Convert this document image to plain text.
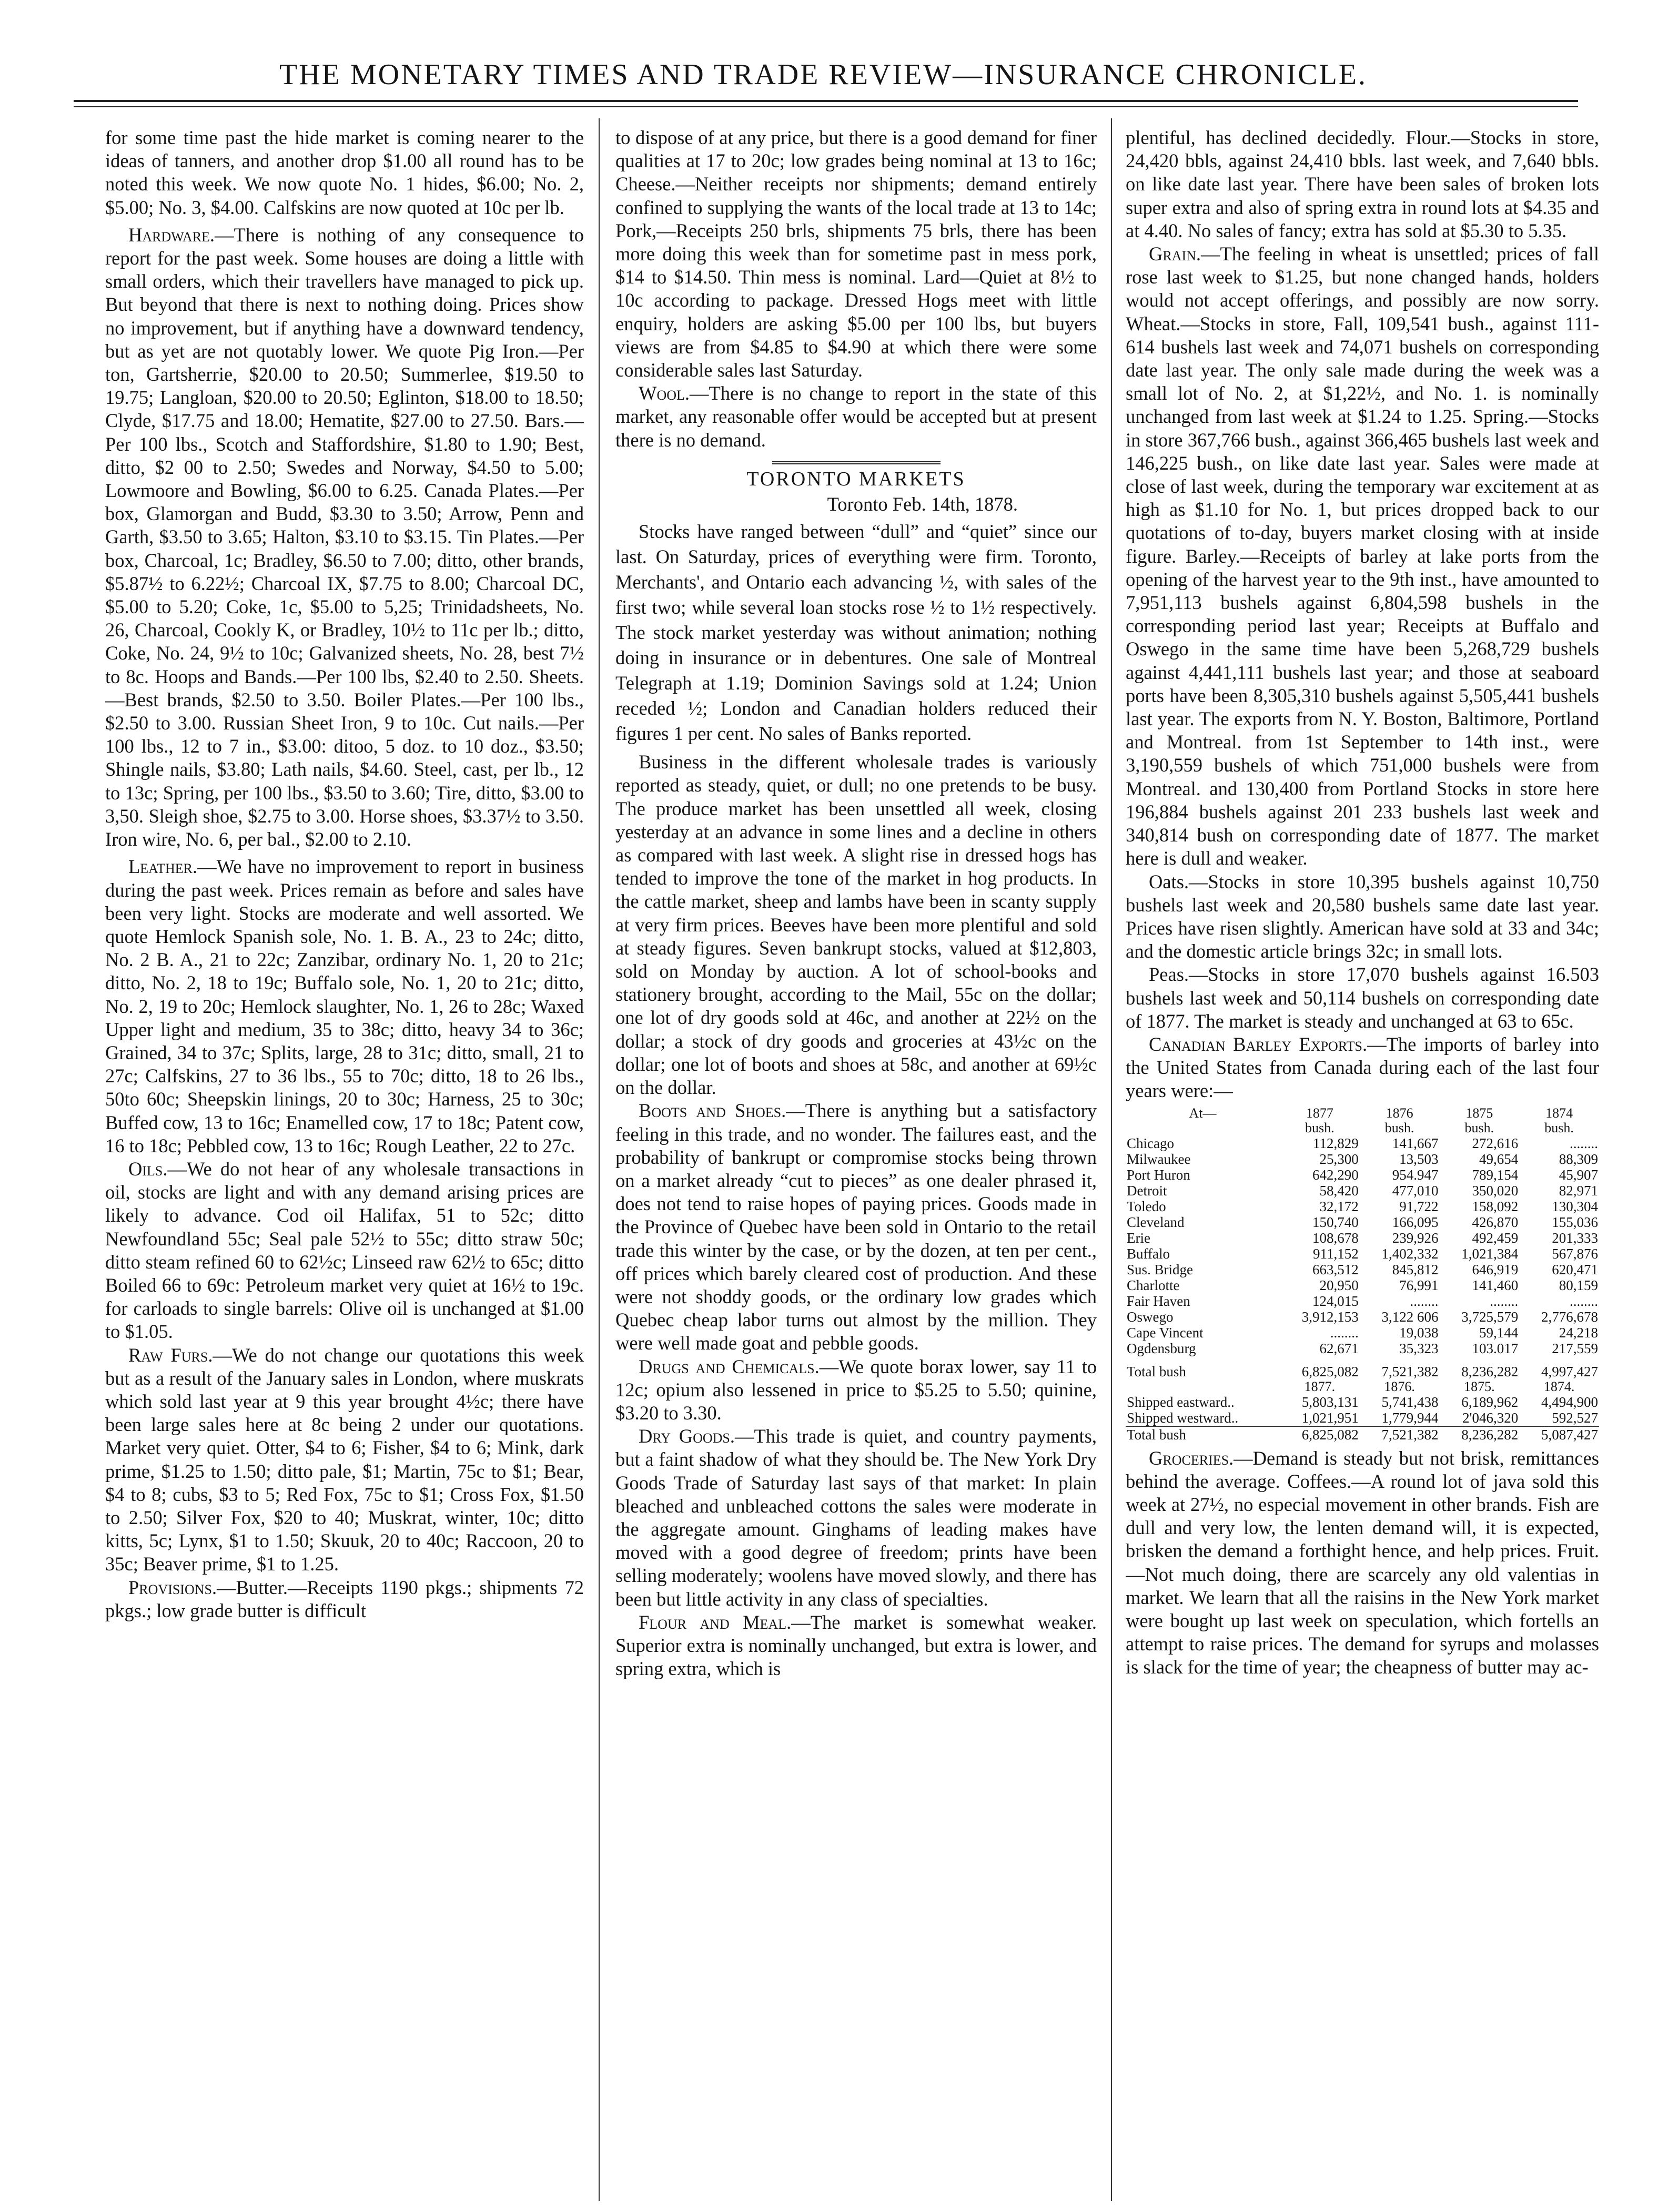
THE MONETARY TIMES AND TRADE REVIEW—INSURANCE CHRONICLE.

for some time past the hide market is coming nearer to the ideas of tanners, and another drop $1.00 all round has to be noted this week. We now quote No. 1 hides, $6.00; No. 2, $5.00; No. 3, $4.00. Calfskins are now quoted at 10c per lb.

Hardware.—There is nothing of any consequence to report for the past week. Some houses are doing a little with small orders, which their travellers have managed to pick up. But beyond that there is next to nothing doing. Prices show no improvement, but if anything have a downward tendency, but as yet are not quotably lower. We quote Pig Iron.—Per ton, Gartsherrie, $20.00 to 20.50; Summerlee, $19.50 to 19.75; Langloan, $20.00 to 20.50; Eglinton, $18.00 to 18.50; Clyde, $17.75 and 18.00; Hematite, $27.00 to 27.50. Bars.—Per 100 lbs., Scotch and Staffordshire, $1.80 to 1.90; Best, ditto, $2 00 to 2.50; Swedes and Norway, $4.50 to 5.00; Lowmoore and Bowling, $6.00 to 6.25. Canada Plates.—Per box, Glamorgan and Budd, $3.30 to 3.50; Arrow, Penn and Garth, $3.50 to 3.65; Halton, $3.10 to $3.15. Tin Plates.—Per box, Charcoal, 1c; Bradley, $6.50 to 7.00; ditto, other brands, $5.87½ to 6.22½; Charcoal IX, $7.75 to 8.00; Charcoal DC, $5.00 to 5.20; Coke, 1c, $5.00 to 5,25; Trinidadsheets, No. 26, Charcoal, Cookly K, or Bradley, 10½ to 11c per lb.; ditto, Coke, No. 24, 9½ to 10c; Galvanized sheets, No. 28, best 7½ to 8c. Hoops and Bands.—Per 100 lbs, $2.40 to 2.50. Sheets.—Best brands, $2.50 to 3.50. Boiler Plates.—Per 100 lbs., $2.50 to 3.00. Russian Sheet Iron, 9 to 10c. Cut nails.—Per 100 lbs., 12 to 7 in., $3.00: ditoo, 5 doz. to 10 doz., $3.50; Shingle nails, $3.80; Lath nails, $4.60. Steel, cast, per lb., 12 to 13c; Spring, per 100 lbs., $3.50 to 3.60; Tire, ditto, $3.00 to 3,50. Sleigh shoe, $2.75 to 3.00. Horse shoes, $3.37½ to 3.50. Iron wire, No. 6, per bal., $2.00 to 2.10.

Leather.—We have no improvement to report in business during the past week. Prices remain as before and sales have been very light. Stocks are moderate and well assorted. We quote Hemlock Spanish sole, No. 1. B. A., 23 to 24c; ditto, No. 2 B. A., 21 to 22c; Zanzibar, ordinary No. 1, 20 to 21c; ditto, No. 2, 18 to 19c; Buffalo sole, No. 1, 20 to 21c; ditto, No. 2, 19 to 20c; Hemlock slaughter, No. 1, 26 to 28c; Waxed Upper light and medium, 35 to 38c; ditto, heavy 34 to 36c; Grained, 34 to 37c; Splits, large, 28 to 31c; ditto, small, 21 to 27c; Calfskins, 27 to 36 lbs., 55 to 70c; ditto, 18 to 26 lbs., 50to 60c; Sheepskin linings, 20 to 30c; Harness, 25 to 30c; Buffed cow, 13 to 16c; Enamelled cow, 17 to 18c; Patent cow, 16 to 18c; Pebbled cow, 13 to 16c; Rough Leather, 22 to 27c.

Oils.—We do not hear of any wholesale transactions in oil, stocks are light and with any demand arising prices are likely to advance. Cod oil Halifax, 51 to 52c; ditto Newfoundland 55c; Seal pale 52½ to 55c; ditto straw 50c; ditto steam refined 60 to 62½c; Linseed raw 62½ to 65c; ditto Boiled 66 to 69c: Petroleum market very quiet at 16½ to 19c. for carloads to single barrels: Olive oil is unchanged at $1.00 to $1.05.

Raw Furs.—We do not change our quotations this week but as a result of the January sales in London, where muskrats which sold last year at 9 this year brought 4½c; there have been large sales here at 8c being 2 under our quotations. Market very quiet. Otter, $4 to 6; Fisher, $4 to 6; Mink, dark prime, $1.25 to 1.50; ditto pale, $1; Martin, 75c to $1; Bear, $4 to 8; cubs, $3 to 5; Red Fox, 75c to $1; Cross Fox, $1.50 to 2.50; Silver Fox, $20 to 40; Muskrat, winter, 10c; ditto kitts, 5c; Lynx, $1 to 1.50; Skuuk, 20 to 40c; Raccoon, 20 to 35c; Beaver prime, $1 to 1.25.

Provisions.—Butter.—Receipts 1190 pkgs.; shipments 72 pkgs.; low grade butter is difficult

to dispose of at any price, but there is a good demand for finer qualities at 17 to 20c; low grades being nominal at 13 to 16c; Cheese.—Neither receipts nor shipments; demand entirely confined to supplying the wants of the local trade at 13 to 14c; Pork,—Receipts 250 brls, shipments 75 brls, there has been more doing this week than for sometime past in mess pork, $14 to $14.50. Thin mess is nominal. Lard—Quiet at 8½ to 10c according to package. Dressed Hogs meet with little enquiry, holders are asking $5.00 per 100 lbs, but buyers views are from $4.85 to $4.90 at which there were some considerable sales last Saturday.

Wool.—There is no change to report in the state of this market, any reasonable offer would be accepted but at present there is no demand.

TORONTO MARKETS
Toronto Feb. 14th, 1878.

Stocks have ranged between “dull” and “quiet” since our last. On Saturday, prices of everything were firm. Toronto, Merchants', and Ontario each advancing ½, with sales of the first two; while several loan stocks rose ½ to 1½ respectively. The stock market yesterday was without animation; nothing doing in insurance or in debentures. One sale of Montreal Telegraph at 1.19; Dominion Savings sold at 1.24; Union receded ½; London and Canadian holders reduced their figures 1 per cent. No sales of Banks reported.

Business in the different wholesale trades is variously reported as steady, quiet, or dull; no one pretends to be busy. The produce market has been unsettled all week, closing yesterday at an advance in some lines and a decline in others as compared with last week. A slight rise in dressed hogs has tended to improve the tone of the market in hog products. In the cattle market, sheep and lambs have been in scanty supply at very firm prices. Beeves have been more plentiful and sold at steady figures. Seven bankrupt stocks, valued at $12,803, sold on Monday by auction. A lot of school-books and stationery brought, according to the Mail, 55c on the dollar; one lot of dry goods sold at 46c, and another at 22½ on the dollar; a stock of dry goods and groceries at 43½c on the dollar; one lot of boots and shoes at 58c, and another at 69½c on the dollar.

Boots and Shoes.—There is anything but a satisfactory feeling in this trade, and no wonder. The failures east, and the probability of bankrupt or compromise stocks being thrown on a market already “cut to pieces” as one dealer phrased it, does not tend to raise hopes of paying prices. Goods made in the Province of Quebec have been sold in Ontario to the retail trade this winter by the case, or by the dozen, at ten per cent., off prices which barely cleared cost of production. And these were not shoddy goods, or the ordinary low grades which Quebec cheap labor turns out almost by the million. They were well made goat and pebble goods.

Drugs and Chemicals.—We quote borax lower, say 11 to 12c; opium also lessened in price to $5.25 to 5.50; quinine, $3.20 to 3.30.

Dry Goods.—This trade is quiet, and country payments, but a faint shadow of what they should be. The New York Dry Goods Trade of Saturday last says of that market: In plain bleached and unbleached cottons the sales were moderate in the aggregate amount. Ginghams of leading makes have moved with a good degree of freedom; prints have been selling moderately; woolens have moved slowly, and there has been but little activity in any class of specialties.

Flour and Meal.—The market is somewhat weaker. Superior extra is nominally unchanged, but extra is lower, and spring extra, which is

plentiful, has declined decidedly. Flour.—Stocks in store, 24,420 bbls, against 24,410 bbls. last week, and 7,640 bbls. on like date last year. There have been sales of broken lots super extra and also of spring extra in round lots at $4.35 and at 4.40. No sales of fancy; extra has sold at $5.30 to 5.35.

Grain.—The feeling in wheat is unsettled; prices of fall rose last week to $1.25, but none changed hands, holders would not accept offerings, and possibly are now sorry. Wheat.—Stocks in store, Fall, 109,541 bush., against 111-614 bushels last week and 74,071 bushels on corresponding date last year. The only sale made during the week was a small lot of No. 2, at $1,22½, and No. 1. is nominally unchanged from last week at $1.24 to 1.25. Spring.—Stocks in store 367,766 bush., against 366,465 bushels last week and 146,225 bush., on like date last year. Sales were made at close of last week, during the temporary war excitement at as high as $1.10 for No. 1, but prices dropped back to our quotations of to-day, buyers market closing with at inside figure. Barley.—Receipts of barley at lake ports from the opening of the harvest year to the 9th inst., have amounted to 7,951,113 bushels against 6,804,598 bushels in the corresponding period last year; Receipts at Buffalo and Oswego in the same time have been 5,268,729 bushels against 4,441,111 bushels last year; and those at seaboard ports have been 8,305,310 bushels against 5,505,441 bushels last year. The exports from N. Y. Boston, Baltimore, Portland and Montreal. from 1st September to 14th inst., were 3,190,559 bushels of which 751,000 bushels were from Montreal. and 130,400 from Portland Stocks in store here 196,884 bushels against 201 233 bushels last week and 340,814 bush on corresponding date of 1877. The market here is dull and weaker.

Oats.—Stocks in store 10,395 bushels against 10,750 bushels last week and 20,580 bushels same date last year. Prices have risen slightly. American have sold at 33 and 34c; and the domestic article brings 32c; in small lots.

Peas.—Stocks in store 17,070 bushels against 16.503 bushels last week and 50,114 bushels on corresponding date of 1877. The market is steady and unchanged at 63 to 65c.

Canadian Barley Exports.—The imports of barley into the United States from Canada during each of the last four years were:—

At—	1877	1876	1875	1874
	bush.	bush.	bush.	bush.
Chicago	112,829	141,667	272,616	........
Milwaukee	25,300	13,503	49,654	88,309
Port Huron	642,290	954.947	789,154	45,907
Detroit	58,420	477,010	350,020	82,971
Toledo	32,172	91,722	158,092	130,304
Cleveland	150,740	166,095	426,870	155,036
Erie	108,678	239,926	492,459	201,333
Buffalo	911,152	1,402,332	1,021,384	567,876
Sus. Bridge	663,512	845,812	646,919	620,471
Charlotte	20,950	76,991	141,460	80,159
Fair Haven	124,015	........	........	........
Oswego	3,912,153	3,122 606	3,725,579	2,776,678
Cape Vincent	........	19,038	59,144	24,218
Ogdensburg	62,671	35,323	103.017	217,559
Total bush	6,825,082	7,521,382	8,236,282	4,997,427
	1877.	1876.	1875.	1874.
Shipped eastward..	5,803,131	5,741,438	6,189,962	4,494,900
Shipped westward..	1,021,951	1,779,944	2'046,320	592,527

Total bush	6,825,082	7,521,382	8,236,282	5,087,427

Groceries.—Demand is steady but not brisk, remittances behind the average. Coffees.—A round lot of java sold this week at 27½, no especial movement in other brands. Fish are dull and very low, the lenten demand will, it is expected, brisken the demand a forthight hence, and help prices. Fruit.—Not much doing, there are scarcely any old valentias in market. We learn that all the raisins in the New York market were bought up last week on speculation, which fortells an attempt to raise prices. The demand for syrups and molasses is slack for the time of year; the cheapness of butter may ac-
